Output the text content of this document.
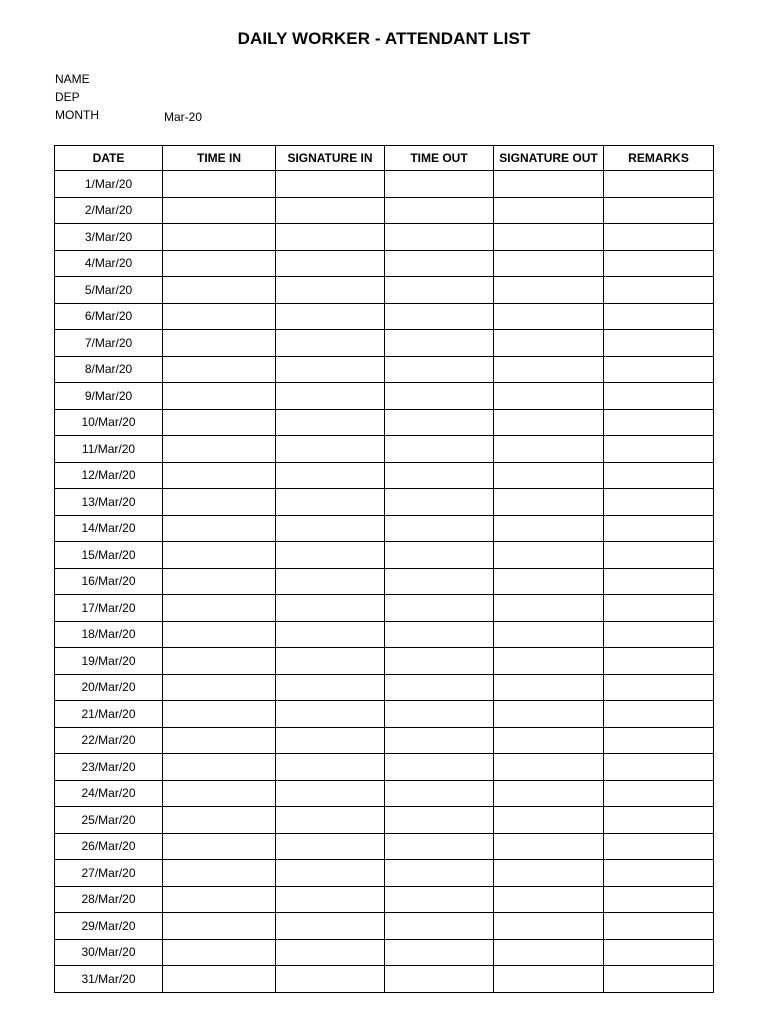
DAILY WORKER - ATTENDANT LIST
NAME
DEP
MONTH	Mar-20
DATE	TIME IN	SIGNATURE IN	TIME OUT	SIGNATURE OUT	REMARKS
1/Mar/20					
2/Mar/20					
3/Mar/20					
4/Mar/20					
5/Mar/20					
6/Mar/20					
7/Mar/20					
8/Mar/20					
9/Mar/20					
10/Mar/20					
11/Mar/20					
12/Mar/20					
13/Mar/20					
14/Mar/20					
15/Mar/20					
16/Mar/20					
17/Mar/20					
18/Mar/20					
19/Mar/20					
20/Mar/20					
21/Mar/20					
22/Mar/20					
23/Mar/20					
24/Mar/20					
25/Mar/20					
26/Mar/20					
27/Mar/20					
28/Mar/20					
29/Mar/20					
30/Mar/20					
31/Mar/20					
